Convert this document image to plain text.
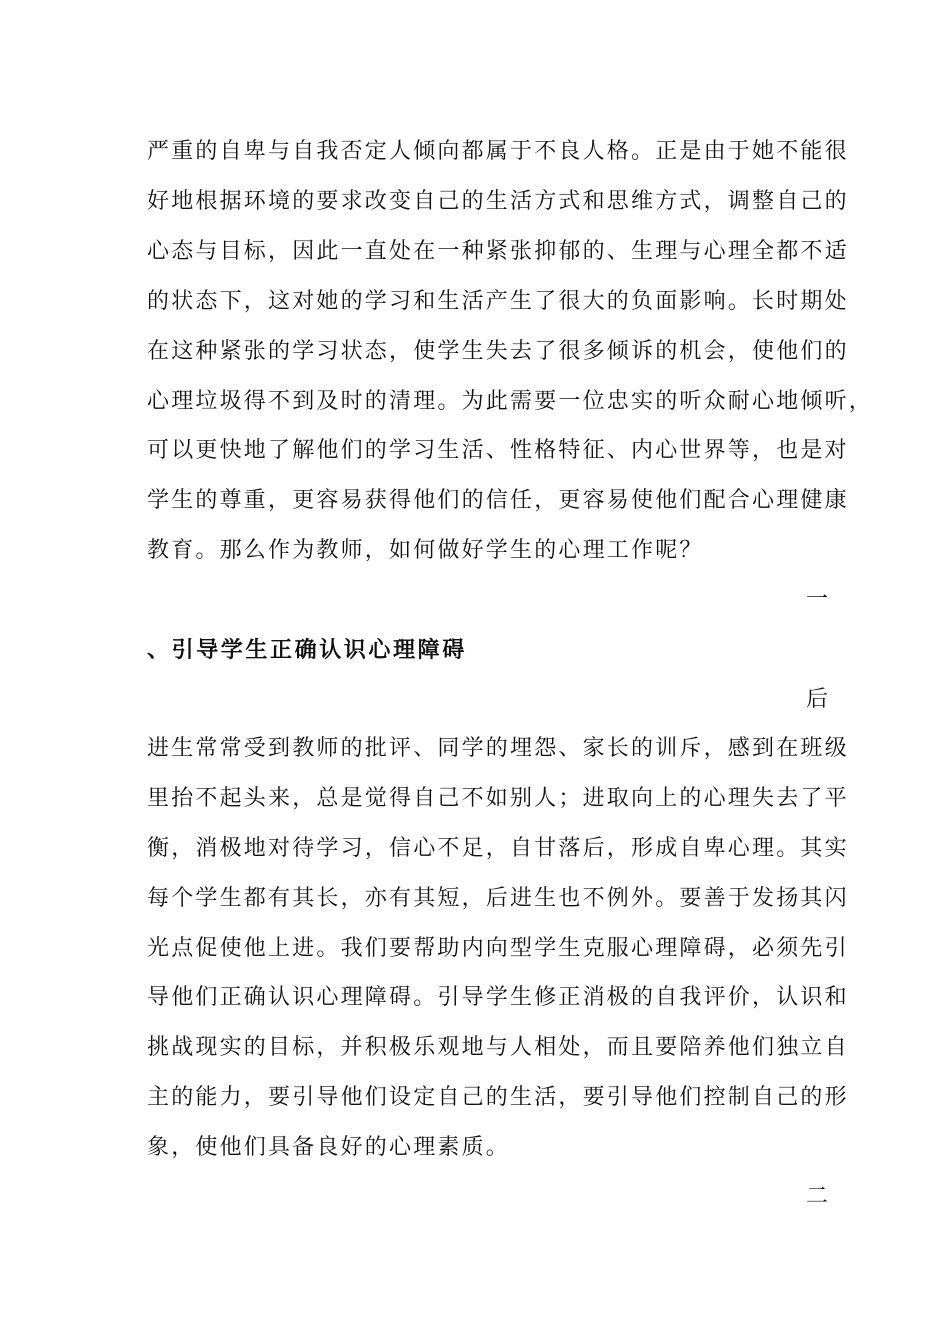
严重的自卑与自我否定人倾向都属于不良人格。正是由于她不能很
好地根据环境的要求改变自己的生活方式和思维方式，调整自己的
心态与目标，因此一直处在一种紧张抑郁的、生理与心理全都不适
的状态下，这对她的学习和生活产生了很大的负面影响。长时期处
在这种紧张的学习状态，使学生失去了很多倾诉的机会，使他们的
心理垃圾得不到及时的清理。为此需要一位忠实的听众耐心地倾听，
可以更快地了解他们的学习生活、性格特征、内心世界等，也是对
学生的尊重，更容易获得他们的信任，更容易使他们配合心理健康
教育。那么作为教师，如何做好学生的心理工作呢？
一
、引导学生正确认识心理障碍
后
进生常常受到教师的批评、同学的埋怨、家长的训斥，感到在班级
里抬不起头来，总是觉得自己不如别人；进取向上的心理失去了平
衡，消极地对待学习，信心不足，自甘落后，形成自卑心理。其实
每个学生都有其长，亦有其短，后进生也不例外。要善于发扬其闪
光点促使他上进。我们要帮助内向型学生克服心理障碍，必须先引
导他们正确认识心理障碍。引导学生修正消极的自我评价，认识和
挑战现实的目标，并积极乐观地与人相处，而且要陪养他们独立自
主的能力，要引导他们设定自己的生活，要引导他们控制自己的形
象，使他们具备良好的心理素质。
二
